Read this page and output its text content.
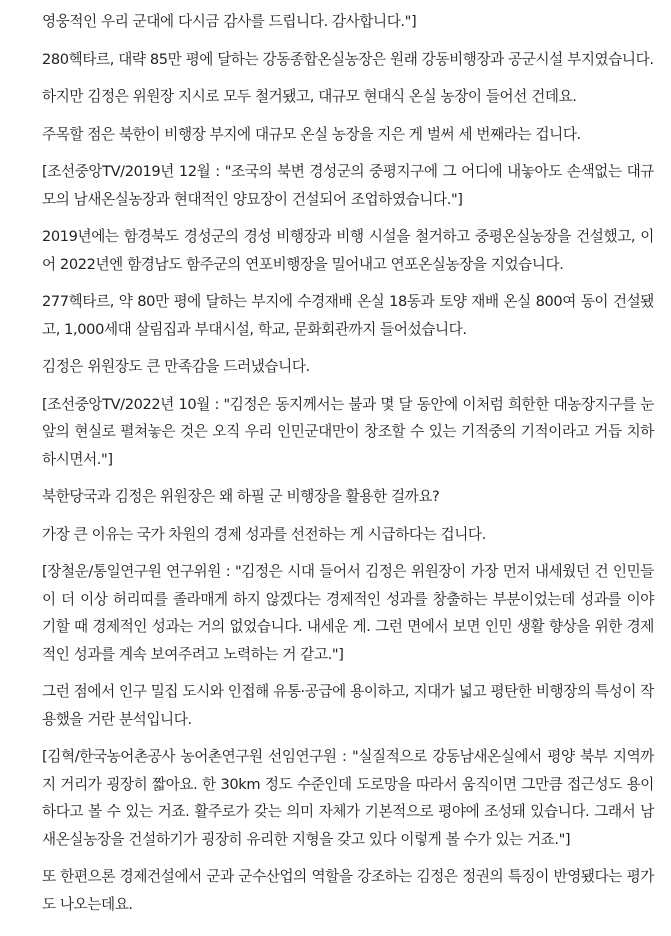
영웅적인 우리 군대에 다시금 감사를 드립니다. 감사합니다."]

280헥타르, 대략 85만 평에 달하는 강동종합온실농장은 원래 강동비행장과 공군시설 부지였습니다.

하지만 김정은 위원장 지시로 모두 철거됐고, 대규모 현대식 온실 농장이 들어선 건데요.

주목할 점은 북한이 비행장 부지에 대규모 온실 농장을 지은 게 벌써 세 번째라는 겁니다.

[조선중앙TV/2019년 12월 : "조국의 북변 경성군의 중평지구에 그 어디에 내놓아도 손색없는 대규모의 남새온실농장과 현대적인 양묘장이 건설되어 조업하였습니다."]

2019년에는 함경북도 경성군의 경성 비행장과 비행 시설을 철거하고 중평온실농장을 건설했고, 이어 2022년엔 함경남도 함주군의 연포비행장을 밀어내고 연포온실농장을 지었습니다.

277헥타르, 약 80만 평에 달하는 부지에 수경재배 온실 18동과 토양 재배 온실 800여 동이 건설됐고, 1,000세대 살림집과 부대시설, 학교, 문화회관까지 들어섰습니다.

김정은 위원장도 큰 만족감을 드러냈습니다.

[조선중앙TV/2022년 10월 : "김정은 동지께서는 불과 몇 달 동안에 이처럼 희한한 대농장지구를 눈앞의 현실로 펼쳐놓은 것은 오직 우리 인민군대만이 창조할 수 있는 기적중의 기적이라고 거듭 치하하시면서."]

북한당국과 김정은 위원장은 왜 하필 군 비행장을 활용한 걸까요?

가장 큰 이유는 국가 차원의 경제 성과를 선전하는 게 시급하다는 겁니다.

[장철운/통일연구원 연구위원 : "김정은 시대 들어서 김정은 위원장이 가장 먼저 내세웠던 건 인민들이 더 이상 허리띠를 졸라매게 하지 않겠다는 경제적인 성과를 창출하는 부분이었는데 성과를 이야기할 때 경제적인 성과는 거의 없었습니다. 내세운 게. 그런 면에서 보면 인민 생활 향상을 위한 경제적인 성과를 계속 보여주려고 노력하는 거 같고."]

그런 점에서 인구 밀집 도시와 인접해 유통·공급에 용이하고, 지대가 넓고 평탄한 비행장의 특성이 작용했을 거란 분석입니다.

[김혁/한국농어촌공사 농어촌연구원 선임연구원 : "실질적으로 강동남새온실에서 평양 북부 지역까지 거리가 굉장히 짧아요. 한 30km 정도 수준인데 도로망을 따라서 움직이면 그만큼 접근성도 용이하다고 볼 수 있는 거죠. 활주로가 갖는 의미 자체가 기본적으로 평야에 조성돼 있습니다. 그래서 남새온실농장을 건설하기가 굉장히 유리한 지형을 갖고 있다 이렇게 볼 수가 있는 거죠."]

또 한편으론 경제건설에서 군과 군수산업의 역할을 강조하는 김정은 정권의 특징이 반영됐다는 평가도 나오는데요.
